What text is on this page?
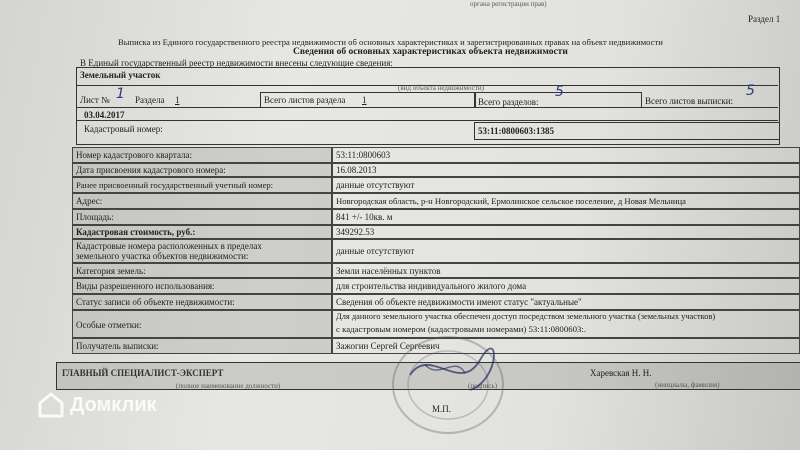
органа регистрации прав)
Раздел 1
Выписка из Единого государственного реестра недвижимости об основных характеристиках и зарегистрированных правах на объект недвижимости
Сведения об основных характеристиках объекта недвижимости
В Единый государственный реестр недвижимости внесены следующие сведения:
Земельный участок
(вид объекта недвижимости)
Лист № 1 Раздела 1	Всего листов раздела 1	Всего разделов:
5
Всего листов выписки:
5
03.04.2017
Кадастровый номер:	53:11:0800603:1385
Номер кадастрового квартала:	53:11:0800603
Дата присвоения кадастрового номера:	16.08.2013
Ранее присвоенный государственный учетный номер:	данные отсутствуют
Адрес:	Новгородская область, р-н Новгородский, Ермолинское сельское поселение, д Новая Мельница
Площадь:	841 +/- 10кв. м
Кадастровая стоимость, руб.:	349292.53
Кадастровые номера расположенных в пределах
земельного участка объектов недвижимости:	данные отсутствуют
Категория земель:	Земли населённых пунктов
Виды разрешенного использования:	для строительства индивидуального жилого дома
Статус записи об объекте недвижимости:	Сведения об объекте недвижимости имеют статус "актуальные"
Особые отметки:
Для данного земельного участка обеспечен доступ посредством земельного участка (земельных участков)
с кадастровым номером (кадастровыми номерами) 53:11:0800603:.
Получатель выписки:	Зажогин Сергей Сергеевич
ГЛАВНЫЙ СПЕЦИАЛИСТ-ЭКСПЕРТ
(полное наименование должности)	(подпись)
Харевская Н. Н.
(инициалы, фамилия)
М.П.
Домклик
